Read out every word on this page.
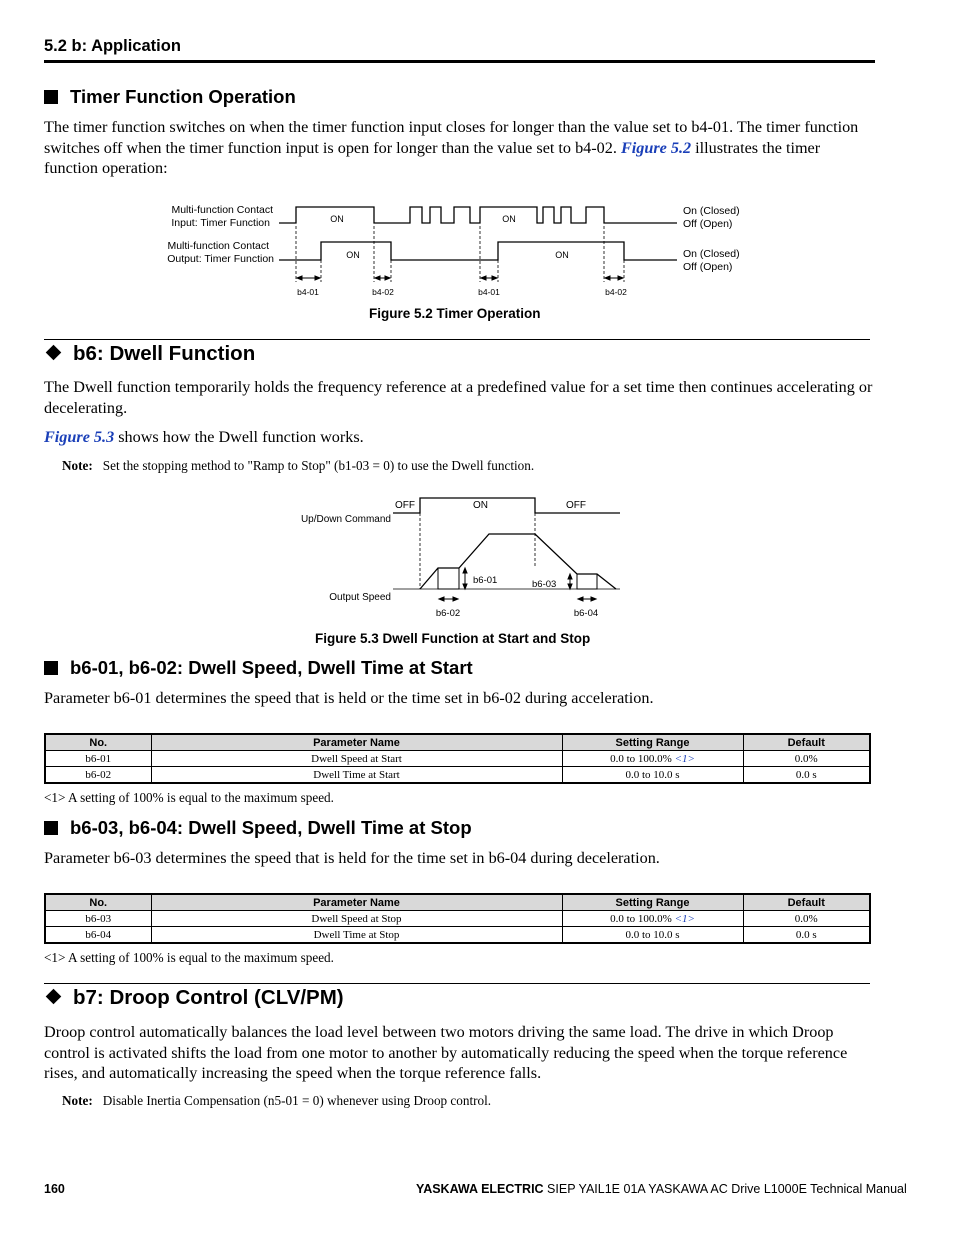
5.2 b: Application
Timer Function Operation
The timer function switches on when the timer function input closes for longer than the value set to b4-01. The timer function switches off when the timer function input is open for longer than the value set to b4-02. Figure 5.2 illustrates the timer function operation:
Multi-function Contact
Input: Timer Function
Multi-function Contact
Output: Timer Function
ON	ON
ON	ON
On (Closed)
Off (Open)
On (Closed)
Off (Open)
b4-01	b4-02	b4-01	b4-02
Figure 5.2 Timer Operation
b6: Dwell Function
The Dwell function temporarily holds the frequency reference at a predefined value for a set time then continues accelerating or decelerating.
Figure 5.3 shows how the Dwell function works.
Note: Set the stopping method to "Ramp to Stop" (b1-03 = 0) to use the Dwell function.
OFF	ON	OFF
Up/Down Command
Output Speed
b6-01	b6-03
b6-02	b6-04
Figure 5.3 Dwell Function at Start and Stop
b6-01, b6-02: Dwell Speed, Dwell Time at Start
Parameter b6-01 determines the speed that is held or the time set in b6-02 during acceleration.
No.	Parameter Name	Setting Range	Default
b6-01	Dwell Speed at Start	0.0 to 100.0% <1>	0.0%
b6-02	Dwell Time at Start	0.0 to 10.0 s	0.0 s
<1> A setting of 100% is equal to the maximum speed.
b6-03, b6-04: Dwell Speed, Dwell Time at Stop
Parameter b6-03 determines the speed that is held for the time set in b6-04 during deceleration.
No.	Parameter Name	Setting Range	Default
b6-03	Dwell Speed at Stop	0.0 to 100.0% <1>	0.0%
b6-04	Dwell Time at Stop	0.0 to 10.0 s	0.0 s
<1> A setting of 100% is equal to the maximum speed.
b7: Droop Control (CLV/PM)
Droop control automatically balances the load level between two motors driving the same load. The drive in which Droop control is activated shifts the load from one motor to another by automatically reducing the speed when the torque reference rises, and automatically increasing the speed when the torque reference falls.
Note: Disable Inertia Compensation (n5-01 = 0) whenever using Droop control.
160	YASKAWA ELECTRIC SIEP YAIL1E 01A YASKAWA AC Drive L1000E Technical Manual
